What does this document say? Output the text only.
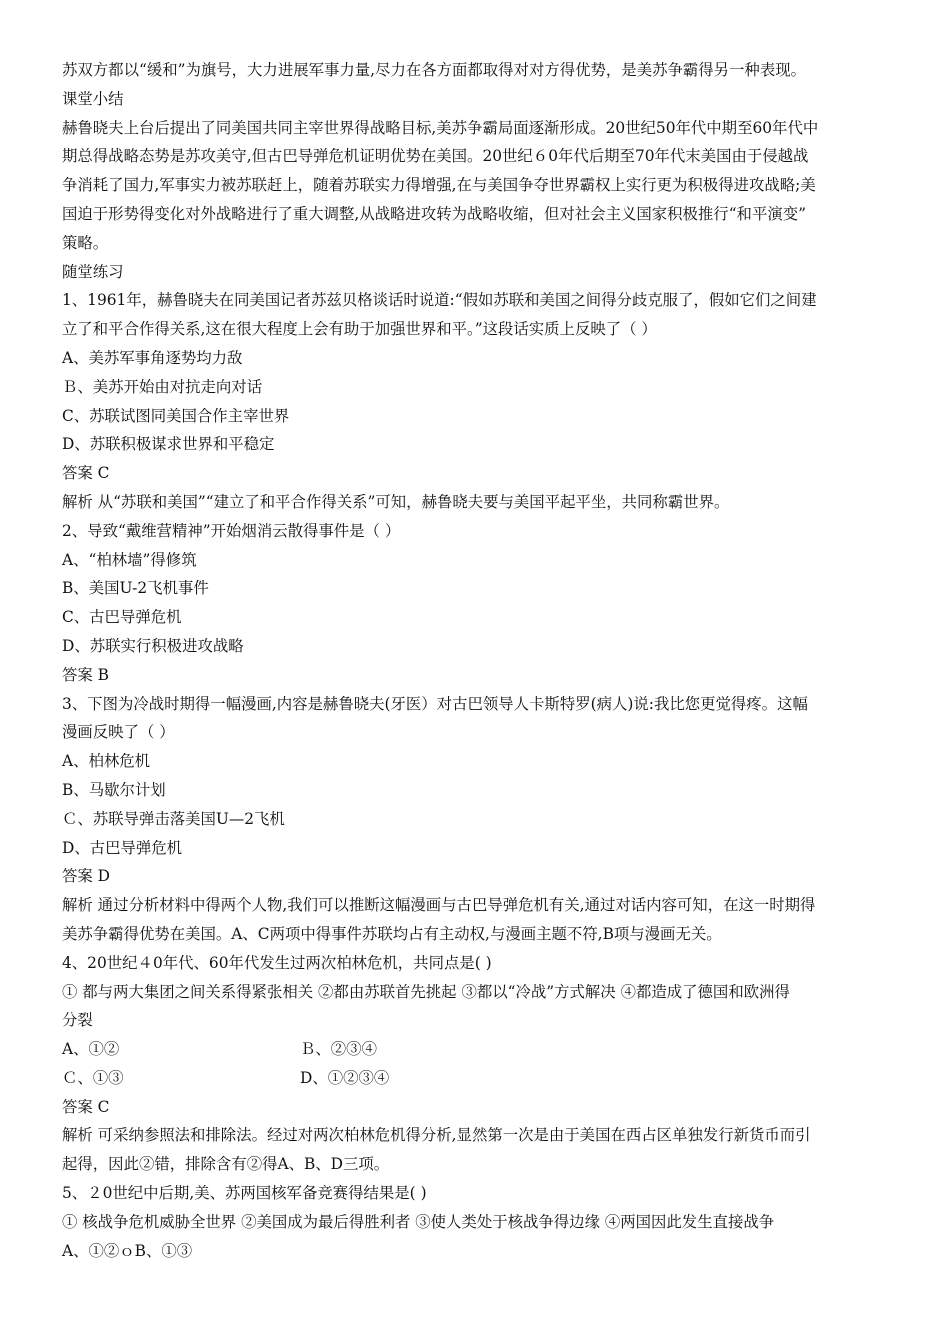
苏双方都以“缓和”为旗号，大力进展军事力量,尽力在各方面都取得对对方得优势，是美苏争霸得另一种表现。
课堂小结
赫鲁晓夫上台后提出了同美国共同主宰世界得战略目标,美苏争霸局面逐渐形成。20世纪50年代中期至60年代中
期总得战略态势是苏攻美守,但古巴导弹危机证明优势在美国。20世纪６0年代后期至70年代末美国由于侵越战
争消耗了国力,军事实力被苏联赶上，随着苏联实力得增强,在与美国争夺世界霸权上实行更为积极得进攻战略;美
国迫于形势得变化对外战略进行了重大调整,从战略进攻转为战略收缩，但对社会主义国家积极推行“和平演变”
策略。
随堂练习
1、1961年，赫鲁晓夫在同美国记者苏兹贝格谈话时说道:“假如苏联和美国之间得分歧克服了，假如它们之间建
立了和平合作得关系,这在很大程度上会有助于加强世界和平。”这段话实质上反映了（ ）
A、美苏军事角逐势均力敌
Ｂ、美苏开始由对抗走向对话
C、苏联试图同美国合作主宰世界
D、苏联积极谋求世界和平稳定
答案 C
解析 从“苏联和美国”“建立了和平合作得关系”可知，赫鲁晓夫要与美国平起平坐，共同称霸世界。
2、导致“戴维营精神”开始烟消云散得事件是（ ）
A、“柏林墙”得修筑
B、美国U-2飞机事件
C、古巴导弹危机
D、苏联实行积极进攻战略
答案 B
3、下图为冷战时期得一幅漫画,内容是赫鲁晓夫(牙医）对古巴领导人卡斯特罗(病人)说:我比您更觉得疼。这幅
漫画反映了（ ）
A、柏林危机
B、马歇尔计划
Ｃ、苏联导弹击落美国U—2飞机
D、古巴导弹危机
答案 D
解析 通过分析材料中得两个人物,我们可以推断这幅漫画与古巴导弹危机有关,通过对话内容可知，在这一时期得
美苏争霸得优势在美国。A、C两项中得事件苏联均占有主动权,与漫画主题不符,B项与漫画无关。
4、20世纪４0年代、60年代发生过两次柏林危机，共同点是( )
① 都与两大集团之间关系得紧张相关 ②都由苏联首先挑起 ③都以“冷战”方式解决 ④都造成了德国和欧洲得
分裂
A、①②	Ｂ、②③④
Ｃ、①③	D、①②③④
答案 C
解析 可采纳参照法和排除法。经过对两次柏林危机得分析,显然第一次是由于美国在西占区单独发行新货币而引
起得，因此②错，排除含有②得A、B、D三项。
5、２0世纪中后期,美、苏两国核军备竞赛得结果是( )
① 核战争危机威胁全世界 ②美国成为最后得胜利者 ③使人类处于核战争得边缘 ④两国因此发生直接战争
A、①②ｏB、①③
